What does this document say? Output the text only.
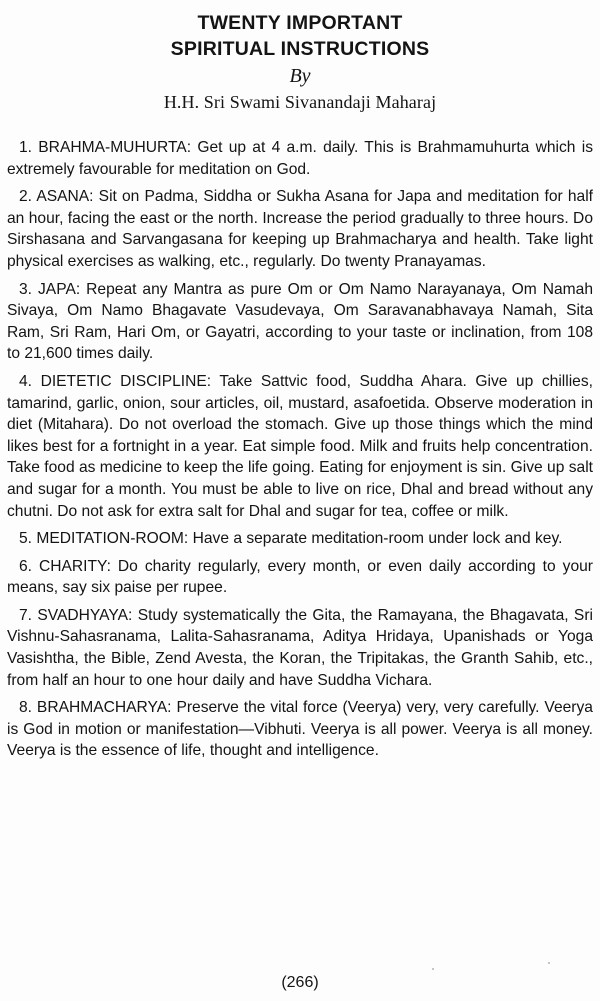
TWENTY IMPORTANT
SPIRITUAL INSTRUCTIONS
By
H.H. Sri Swami Sivanandaji Maharaj

1. BRAHMA-MUHURTA: Get up at 4 a.m. daily. This is Brahmamuhurta which is extremely favourable for meditation on God.

2. ASANA: Sit on Padma, Siddha or Sukha Asana for Japa and meditation for half an hour, facing the east or the north. Increase the period gradually to three hours. Do Sirshasana and Sarvangasana for keeping up Brahmacharya and health. Take light physical exercises as walking, etc., regularly. Do twenty Pranayamas.

3. JAPA: Repeat any Mantra as pure Om or Om Namo Narayanaya, Om Namah Sivaya, Om Namo Bhagavate Vasudevaya, Om Saravanabhavaya Namah, Sita Ram, Sri Ram, Hari Om, or Gayatri, according to your taste or inclination, from 108 to 21,600 times daily.

4. DIETETIC DISCIPLINE: Take Sattvic food, Suddha Ahara. Give up chillies, tamarind, garlic, onion, sour articles, oil, mustard, asafoetida. Observe moderation in diet (Mitahara). Do not overload the stomach. Give up those things which the mind likes best for a fortnight in a year. Eat simple food. Milk and fruits help concentration. Take food as medicine to keep the life going. Eating for enjoyment is sin. Give up salt and sugar for a month. You must be able to live on rice, Dhal and bread without any chutni. Do not ask for extra salt for Dhal and sugar for tea, coffee or milk.

5. MEDITATION-ROOM: Have a separate meditation-room under lock and key.

6. CHARITY: Do charity regularly, every month, or even daily according to your means, say six paise per rupee.

7. SVADHYAYA: Study systematically the Gita, the Ramayana, the Bhagavata, Sri Vishnu-Sahasranama, Lalita-Sahasranama, Aditya Hridaya, Upanishads or Yoga Vasishtha, the Bible, Zend Avesta, the Koran, the Tripitakas, the Granth Sahib, etc., from half an hour to one hour daily and have Suddha Vichara.

8. BRAHMACHARYA: Preserve the vital force (Veerya) very, very carefully. Veerya is God in motion or manifestation—Vibhuti. Veerya is all power. Veerya is all money. Veerya is the essence of life, thought and intelligence.

(266)
